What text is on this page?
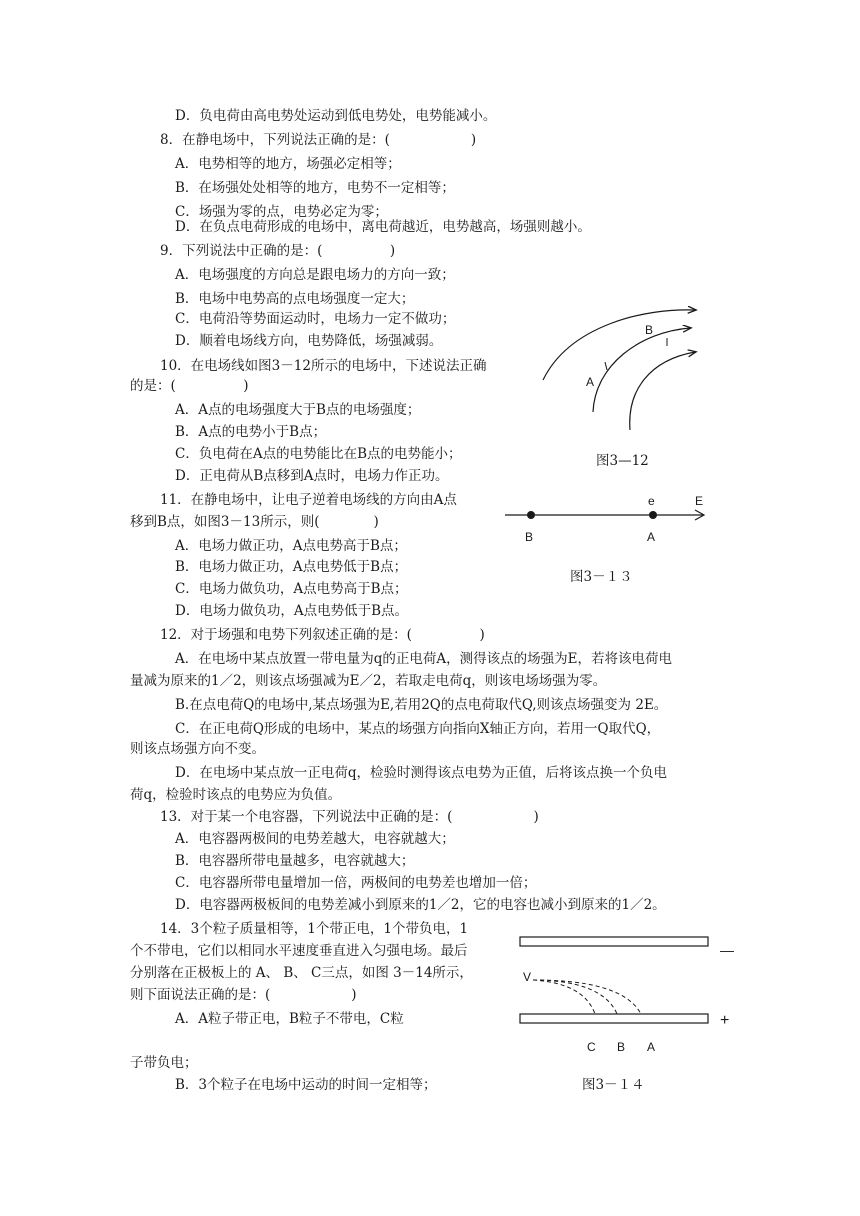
D．负电荷由高电势处运动到低电势处，电势能减小。
8．在静电场中，下列说法正确的是：(　　　　　　)
A．电势相等的地方，场强必定相等；
B．在场强处处相等的地方，电势不一定相等；
C．场强为零的点，电势必定为零；
D．在负点电荷形成的电场中，离电荷越近，电势越高，场强则越小。
9．下列说法中正确的是：(　　　　　)
A．电场强度的方向总是跟电场力的方向一致；
B．电场中电势高的点电场强度一定大；
C．电荷沿等势面运动时，电场力一定不做功；
D．顺着电场线方向，电势降低，场强减弱。
10．在电场线如图3－12所示的电场中，下述说法正确
的是：(　　　　　)
A．A点的电场强度大于B点的电场强度；
B．A点的电势小于B点；
C．负电荷在A点的电势能比在B点的电势能小；
D．正电荷从B点移到A点时，电场力作正功。
11．在静电场中，让电子逆着电场线的方向由A点
移到B点，如图3－13所示，则(　　　　)
A．电场力做正功，A点电势高于B点；
B．电场力做正功，A点电势低于B点；
C．电场力做负功，A点电势高于B点；
D．电场力做负功，A点电势低于B点。
12．对于场强和电势下列叙述正确的是：(　　　　　)
A．在电场中某点放置一带电量为q的正电荷A，测得该点的场强为E，若将该电荷电
量减为原来的1／2，则该点场强减为E／2，若取走电荷q，则该电场场强为零。
B.在点电荷Q的电场中,某点场强为E,若用2Q的点电荷取代Q,则该点场强变为 2E。
C．在正电荷Q形成的电场中，某点的场强方向指向X轴正方向，若用一Q取代Q，
则该点场强方向不变。
D．在电场中某点放一正电荷q，检验时测得该点电势为正值，后将该点换一个负电
荷q，检验时该点的电势应为负值。
13．对于某一个电容器，下列说法中正确的是：(　　　　　　)
A．电容器两极间的电势差越大，电容就越大；
B．电容器所带电量越多，电容就越大；
C．电容器所带电量增加一倍，两极间的电势差也增加一倍；
D．电容器两极板间的电势差减小到原来的1／2，它的电容也减小到原来的1／2。
14．3个粒子质量相等，1个带正电，1个带负电，1
个不带电，它们以相同水平速度垂直进入匀强电场。最后
分别落在正极板上的 A、 B、 C三点，如图 3－14所示，
则下面说法正确的是：(　　　　　　)
A．A粒子带正电，B粒子不带电，C粒
子带负电；
B．3个粒子在电场中运动的时间一定相等；
A
B
图3—12
e	E
B	A
图3－１３
—
+
V
C B A
图3－１４
